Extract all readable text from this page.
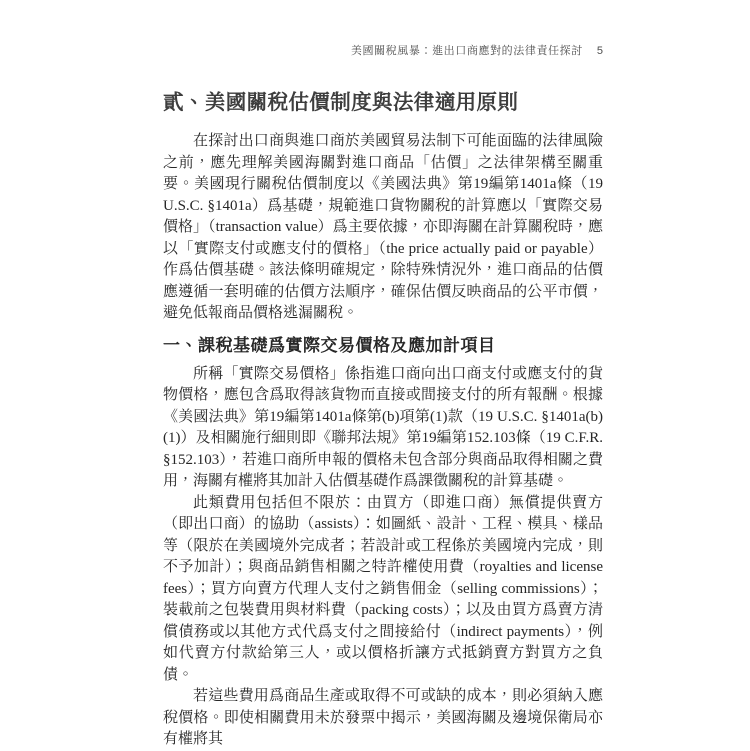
美國關稅風暴：進出口商應對的法律責任探討 5
貳、美國關稅估價制度與法律適用原則

在探討出口商與進口商於美國貿易法制下可能面臨的法律風險之前，應先理解美國海關對進口商品「估價」之法律架構至關重要。美國現行關稅估價制度以《美國法典》第19編第1401a條（19 U.S.C. §1401a）爲基礎，規範進口貨物關稅的計算應以「實際交易價格」（transaction value）爲主要依據，亦即海關在計算關稅時，應以「實際支付或應支付的價格」（the price actually paid or payable）作爲估價基礎。該法條明確規定，除特殊情況外，進口商品的估價應遵循一套明確的估價方法順序，確保估價反映商品的公平市價，避免低報商品價格逃漏關稅。

一、課稅基礎爲實際交易價格及應加計項目

所稱「實際交易價格」係指進口商向出口商支付或應支付的貨物價格，應包含爲取得該貨物而直接或間接支付的所有報酬。根據《美國法典》第19編第1401a條第(b)項第(1)款（19 U.S.C. §1401a(b)(1)）及相關施行細則即《聯邦法規》第19編第152.103條（19 C.F.R. §152.103），若進口商所申報的價格未包含部分與商品取得相關之費用，海關有權將其加計入估價基礎作爲課徵關稅的計算基礎。

此類費用包括但不限於：由買方（即進口商）無償提供賣方（即出口商）的協助（assists）：如圖紙、設計、工程、模具、樣品等（限於在美國境外完成者；若設計或工程係於美國境內完成，則不予加計）；與商品銷售相關之特許權使用費（royalties and license fees）；買方向賣方代理人支付之銷售佣金（selling commissions）；裝載前之包裝費用與材料費（packing costs）；以及由買方爲賣方清償債務或以其他方式代爲支付之間接給付（indirect payments），例如代賣方付款給第三人，或以價格折讓方式抵銷賣方對買方之負債。

若這些費用爲商品生產或取得不可或缺的成本，則必須納入應稅價格。即使相關費用未於發票中揭示，美國海關及邊境保衛局亦有權將其
